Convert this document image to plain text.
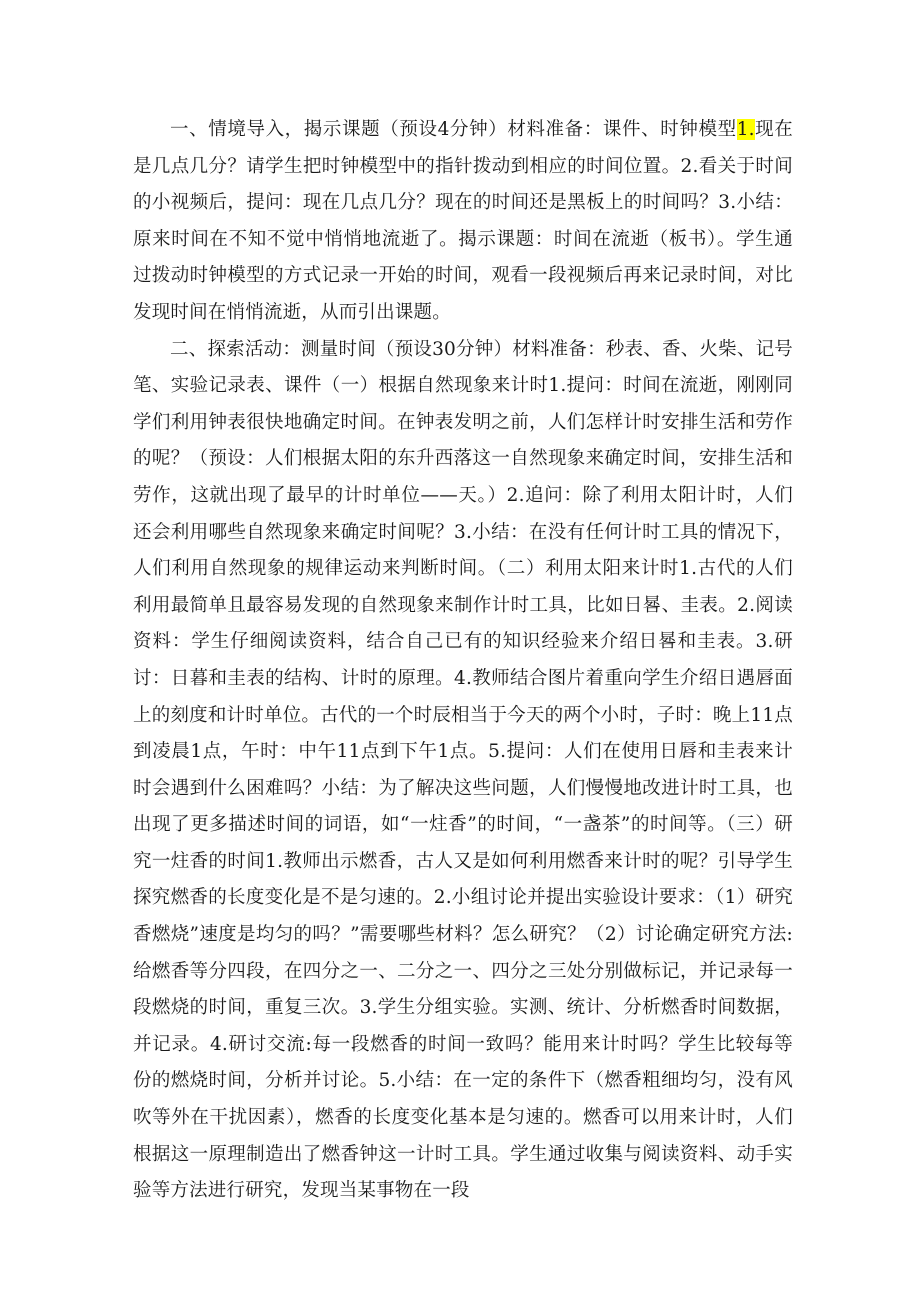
一、情境导入，揭示课题（预设4分钟）材料准备：课件、时钟模型1.现在是几点几分？请学生把时钟模型中的指针拨动到相应的时间位置。2.看关于时间的小视频后，提问：现在几点几分？现在的时间还是黑板上的时间吗？3.小结：原来时间在不知不觉中悄悄地流逝了。揭示课题：时间在流逝（板书）。学生通过拨动时钟模型的方式记录一开始的时间，观看一段视频后再来记录时间，对比发现时间在悄悄流逝，从而引出课题。

二、探索活动：测量时间（预设30分钟）材料准备：秒表、香、火柴、记号笔、实验记录表、课件（一）根据自然现象来计时1.提问：时间在流逝，刚刚同学们利用钟表很快地确定时间。在钟表发明之前，人们怎样计时安排生活和劳作的呢？（预设：人们根据太阳的东升西落这一自然现象来确定时间，安排生活和劳作，这就出现了最早的计时单位——天。）2.追问：除了利用太阳计时，人们还会利用哪些自然现象来确定时间呢？3.小结：在没有任何计时工具的情况下，人们利用自然现象的规律运动来判断时间。（二）利用太阳来计时1.古代的人们利用最简单且最容易发现的自然现象来制作计时工具，比如日晷、圭表。2.阅读资料：学生仔细阅读资料，结合自己已有的知识经验来介绍日晷和圭表。3.研讨：日暮和圭表的结构、计时的原理。4.教师结合图片着重向学生介绍日遇唇面上的刻度和计时单位。古代的一个时辰相当于今天的两个小时，子时：晚上11点到凌晨1点，午时：中午11点到下午1点。5.提问：人们在使用日唇和圭表来计时会遇到什么困难吗？小结：为了解决这些问题，人们慢慢地改进计时工具，也出现了更多描述时间的词语，如“一炷香”的时间，“一盏茶”的时间等。（三）研究一炷香的时间1.教师出示燃香，古人又是如何利用燃香来计时的呢？引导学生探究燃香的长度变化是不是匀速的。2.小组讨论并提出实验设计要求：（1）研究香燃烧”速度是均匀的吗？”需要哪些材料？怎么研究？（2）讨论确定研究方法:给燃香等分四段，在四分之一、二分之一、四分之三处分别做标记，并记录每一段燃烧的时间，重复三次。3.学生分组实验。实测、统计、分析燃香时间数据，并记录。4.研讨交流:每一段燃香的时间一致吗？能用来计时吗？学生比较每等份的燃烧时间，分析并讨论。5.小结：在一定的条件下（燃香粗细均匀，没有风吹等外在干扰因素），燃香的长度变化基本是匀速的。燃香可以用来计时，人们根据这一原理制造出了燃香钟这一计时工具。学生通过收集与阅读资料、动手实验等方法进行研究，发现当某事物在一段
